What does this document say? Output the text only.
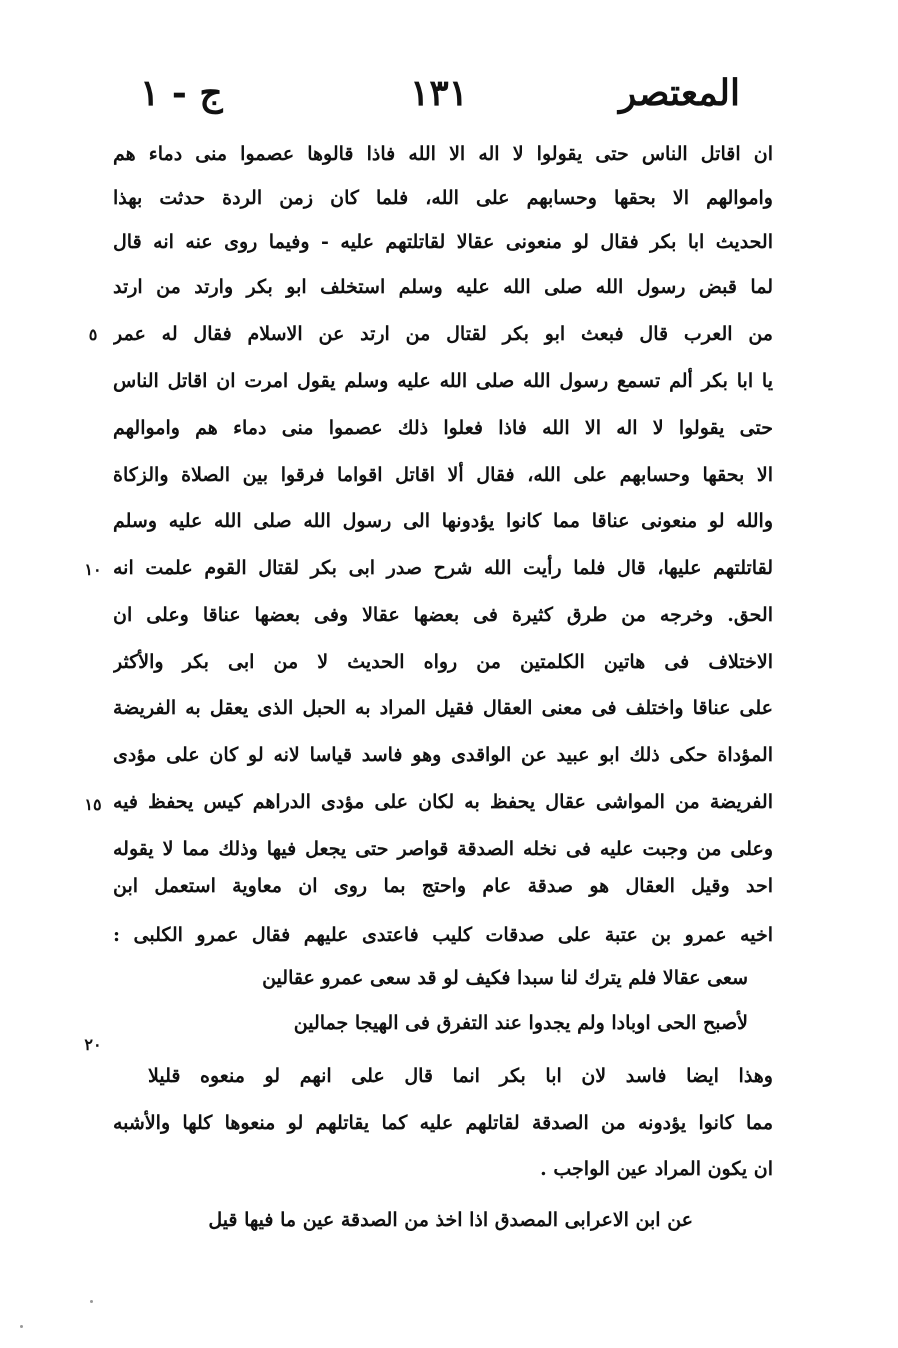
المعتصر
١٣١
ج - ١
ان اقاتل الناس حتى يقولوا لا اله الا الله فاذا قالوها عصموا منى دماء هم
واموالهم الا بحقها وحسابهم على الله، فلما كان زمن الردة حدثت بهذا
الحديث ابا بكر فقال لو منعونى عقالا لقاتلتهم عليه - وفيما روى عنه انه قال
لما قبض رسول الله صلى الله عليه وسلم استخلف ابو بكر وارتد من ارتد
من العرب قال فبعث ابو بكر لقتال من ارتد عن الاسلام فقال له عمر
يا ابا بكر ألم تسمع رسول الله صلى الله عليه وسلم يقول امرت ان اقاتل الناس
حتى يقولوا لا اله الا الله فاذا فعلوا ذلك عصموا منى دماء هم واموالهم
الا بحقها وحسابهم على الله، فقال ألا اقاتل اقواما فرقوا بين الصلاة والزكاة
والله لو منعونى عناقا مما كانوا يؤدونها الى رسول الله صلى الله عليه وسلم
لقاتلتهم عليها، قال فلما رأيت الله شرح صدر ابى بكر لقتال القوم علمت انه
الحق. وخرجه من طرق كثيرة فى بعضها عقالا وفى بعضها عناقا وعلى ان
الاختلاف فى هاتين الكلمتين من رواه الحديث لا من ابى بكر والأكثر
على عناقا واختلف فى معنى العقال فقيل المراد به الحبل الذى يعقل به الفريضة
المؤداة حكى ذلك ابو عبيد عن الواقدى وهو فاسد قياسا لانه لو كان على مؤدى
الفريضة من المواشى عقال يحفظ به لكان على مؤدى الدراهم كيس يحفظ فيه
وعلى من وجبت عليه فى نخله الصدقة قواصر حتى يجعل فيها وذلك مما لا يقوله
احد وقيل العقال هو صدقة عام واحتج بما روى ان معاوية استعمل ابن
اخيه عمرو بن عتبة على صدقات كليب فاعتدى عليهم فقال عمرو الكلبى :
سعى عقالا فلم يترك لنا سبدا فكيف لو قد سعى عمرو عقالين
لأصبح الحى اوبادا ولم يجدوا عند التفرق فى الهيجا جمالين
وهذا ايضا فاسد لان ابا بكر انما قال على انهم لو منعوه قليلا
مما كانوا يؤدونه من الصدقة لقاتلهم عليه كما يقاتلهم لو منعوها كلها والأشبه
ان يكون المراد عين الواجب .
عن ابن الاعرابى المصدق اذا اخذ من الصدقة عين ما فيها قيل
٥
١٠
١٥
٢٠
